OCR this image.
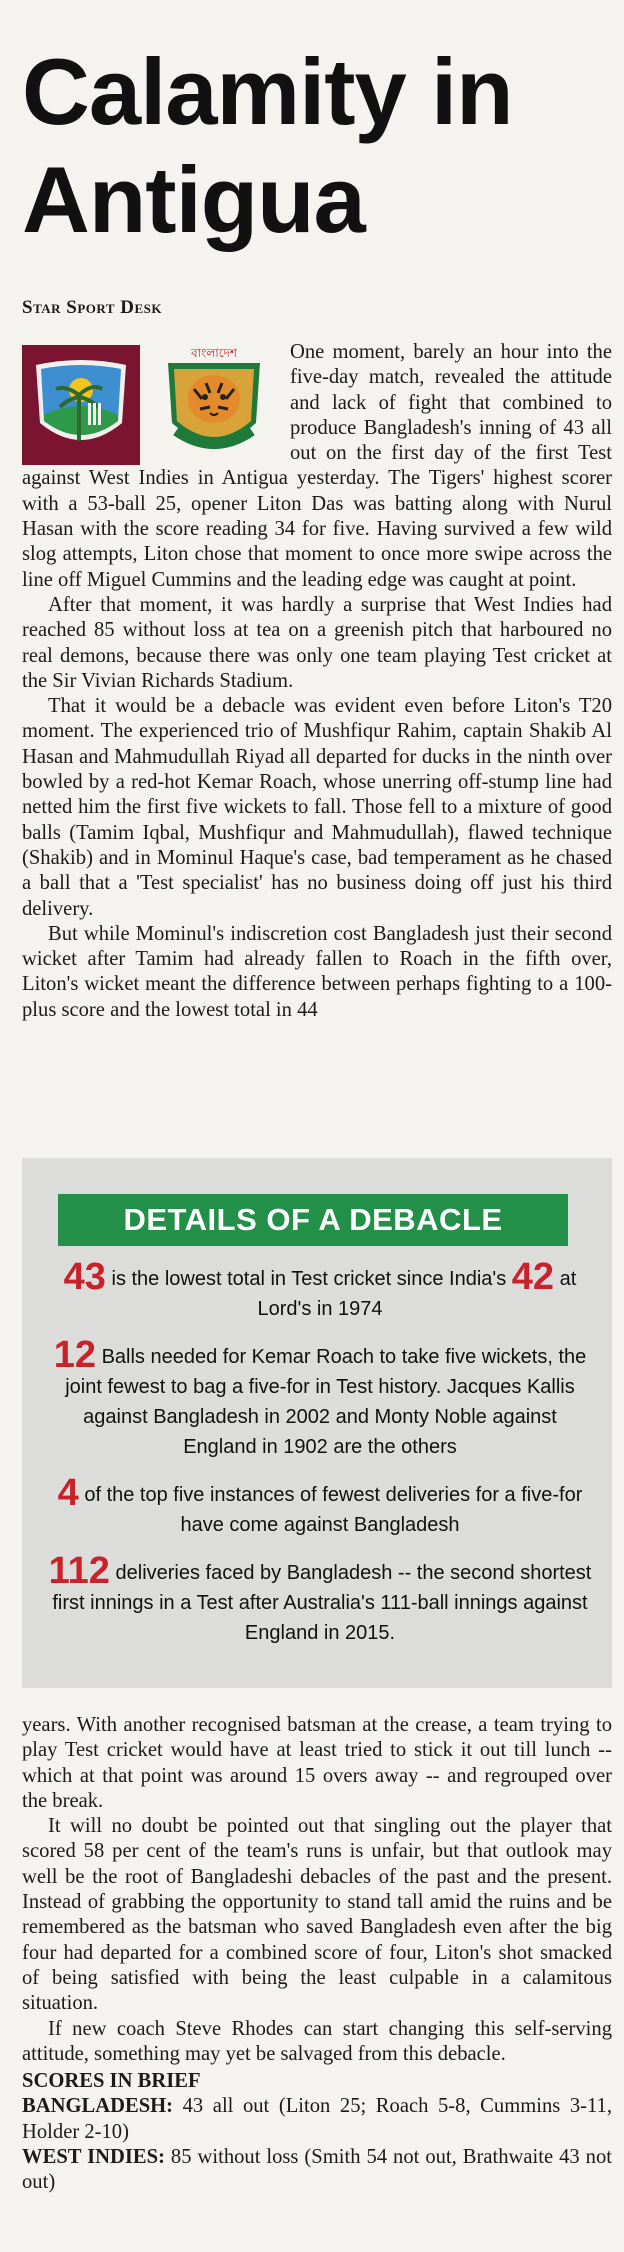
Calamity in
Antigua
Star Sport Desk
বাংলাদেশ	One moment, barely an hour into the five-day match, revealed the attitude and lack of fight that combined to produce Bangladesh's inning of 43 all out on the first day of the first Test against West Indies in Antigua yesterday. The Tigers' highest scorer with a 53-ball 25, opener Liton Das was batting along with Nurul Hasan with the score reading 34 for five. Having survived a few wild slog attempts, Liton chose that moment to once more swipe across the line off Miguel Cummins and the leading edge was caught at point.

After that moment, it was hardly a surprise that West Indies had reached 85 without loss at tea on a greenish pitch that harboured no real demons, because there was only one team playing Test cricket at the Sir Vivian Richards Stadium.

That it would be a debacle was evident even before Liton's T20 moment. The experienced trio of Mushfiqur Rahim, captain Shakib Al Hasan and Mahmudullah Riyad all departed for ducks in the ninth over bowled by a red-hot Kemar Roach, whose unerring off-stump line had netted him the first five wickets to fall. Those fell to a mixture of good balls (Tamim Iqbal, Mushfiqur and Mahmudullah), flawed technique (Shakib) and in Mominul Haque's case, bad temperament as he chased a ball that a 'Test specialist' has no business doing off just his third delivery.

But while Mominul's indiscretion cost Bangladesh just their second wicket after Tamim had already fallen to Roach in the fifth over, Liton's wicket meant the difference between perhaps fighting to a 100-plus score and the lowest total in 44

DETAILS OF A DEBACLE
43 is the lowest total in Test cricket since India's 42 at Lord's in 1974
12 Balls needed for Kemar Roach to take five wickets, the joint fewest to bag a five-for in Test history. Jacques Kallis against Bangladesh in 2002 and Monty Noble against England in 1902 are the others
4 of the top five instances of fewest deliveries for a five-for have come against Bangladesh
112 deliveries faced by Bangladesh -- the second shortest first innings in a Test after Australia's 111-ball innings against England in 2015.

years. With another recognised batsman at the crease, a team trying to play Test cricket would have at least tried to stick it out till lunch -- which at that point was around 15 overs away -- and regrouped over the break.

It will no doubt be pointed out that singling out the player that scored 58 per cent of the team's runs is unfair, but that outlook may well be the root of Bangladeshi debacles of the past and the present. Instead of grabbing the opportunity to stand tall amid the ruins and be remembered as the batsman who saved Bangladesh even after the big four had departed for a combined score of four, Liton's shot smacked of being satisfied with being the least culpable in a calamitous situation.

If new coach Steve Rhodes can start changing this self-serving attitude, something may yet be salvaged from this debacle.

SCORES IN BRIEF

BANGLADESH: 43 all out (Liton 25; Roach 5-8, Cummins 3-11, Holder 2-10)

WEST INDIES: 85 without loss (Smith 54 not out, Brathwaite 43 not out)
